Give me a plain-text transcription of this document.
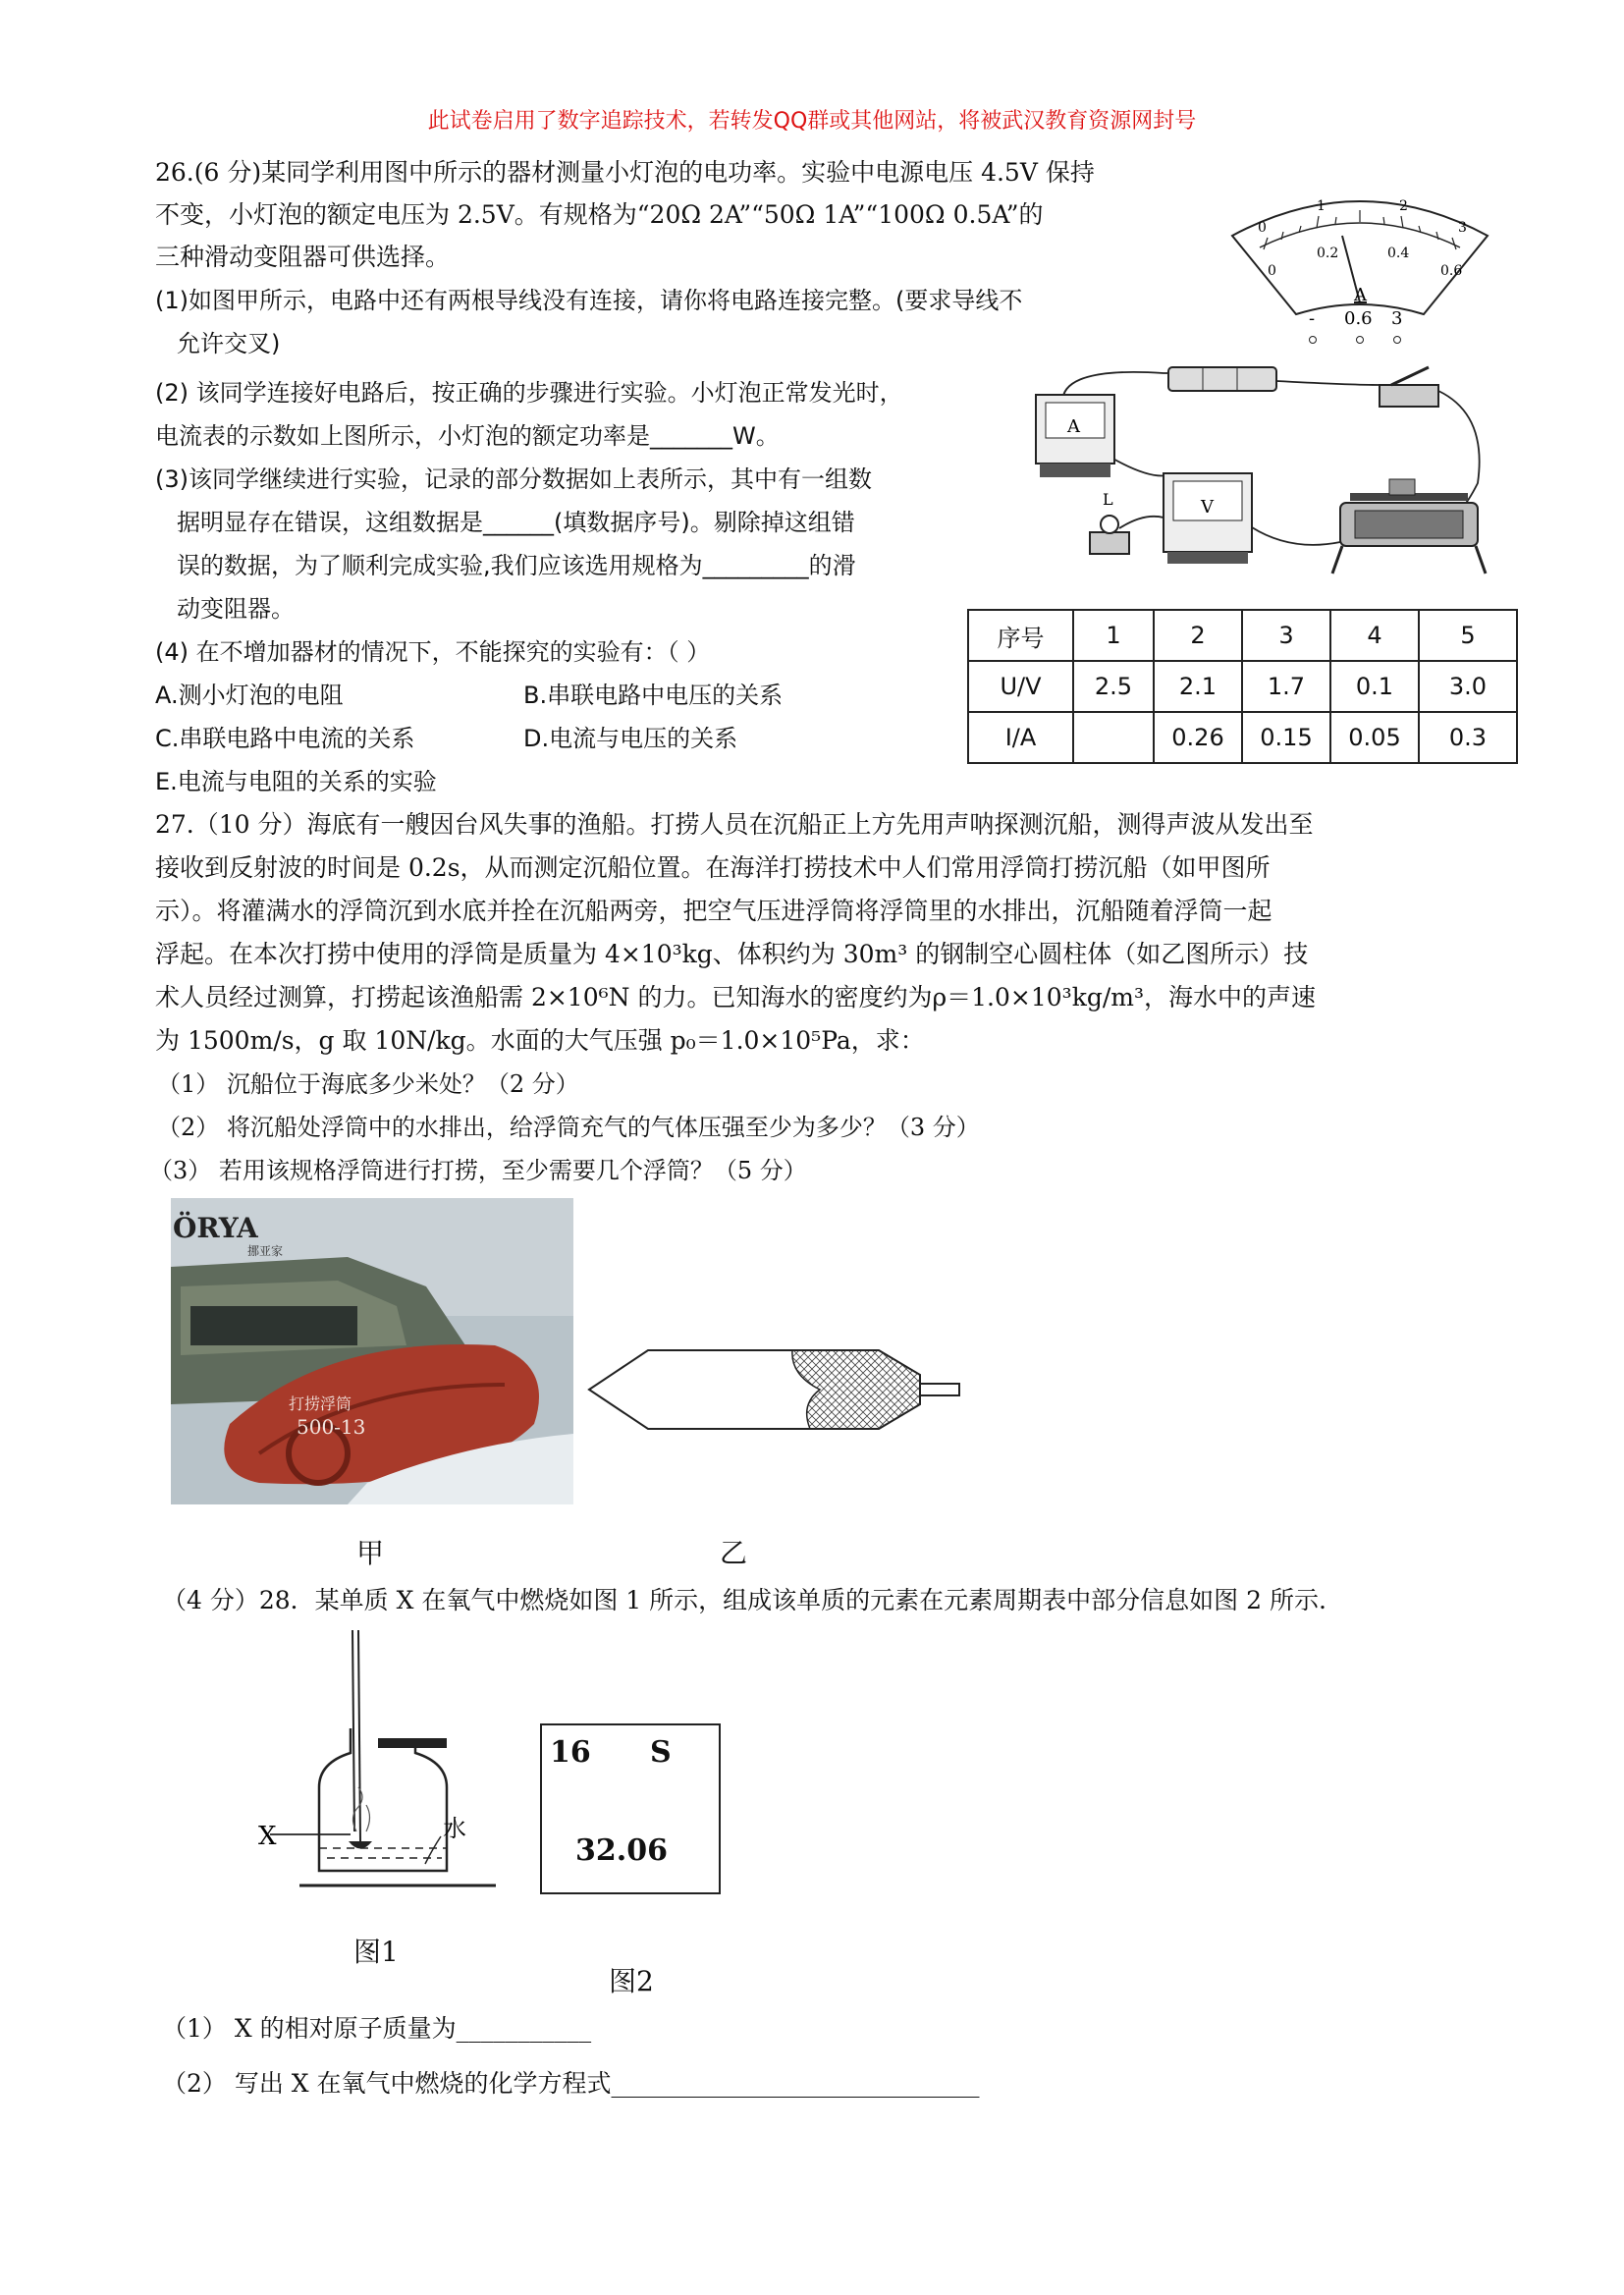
此试卷启用了数字追踪技术，若转发QQ群或其他网站，将被武汉教育资源网封号
26.(6 分)某同学利用图中所示的器材测量小灯泡的电功率。实验中电源电压 4.5V 保持
不变，小灯泡的额定电压为 2.5V。有规格为“20Ω 2A”“50Ω 1A”“100Ω 0.5A”的
三种滑动变阻器可供选择。
(1)如图甲所示，电路中还有两根导线没有连接，请你将电路连接完整。(要求导线不
允许交叉)
(2) 该同学连接好电路后，按正确的步骤进行实验。小灯泡正常发光时，
电流表的示数如上图所示，小灯泡的额定功率是_______W。
(3)该同学继续进行实验，记录的部分数据如上表所示，其中有一组数
据明显存在错误，这组数据是______(填数据序号)。剔除掉这组错
误的数据，为了顺利完成实验,我们应该选用规格为_________的滑
动变阻器。
(4) 在不增加器材的情况下，不能探究的实验有：（ ）
A.测小灯泡的电阻	B.串联电路中电压的关系
C.串联电路中电流的关系	D.电流与电压的关系
E.电流与电阻的关系的实验
0
1	2
3
0
0.2	0.4
0.6
A
- 0.6 3
A
L	V
序号	1	2	3	4	5
U/V	2.5	2.1	1.7	0.1	3.0
I/A		0.26	0.15	0.05	0.3
27.（10 分）海底有一艘因台风失事的渔船。打捞人员在沉船正上方先用声呐探测沉船，测得声波从发出至
接收到反射波的时间是 0.2s，从而测定沉船位置。在海洋打捞技术中人们常用浮筒打捞沉船（如甲图所
示）。将灌满水的浮筒沉到水底并拴在沉船两旁，把空气压进浮筒将浮筒里的水排出，沉船随着浮筒一起
浮起。在本次打捞中使用的浮筒是质量为 4×10³kg、体积约为 30m³ 的钢制空心圆柱体（如乙图所示）技
术人员经过测算，打捞起该渔船需 2×10⁶N 的力。已知海水的密度约为ρ＝1.0×10³kg/m³，海水中的声速
为 1500m/s，g 取 10N/kg。水面的大气压强 p₀＝1.0×10⁵Pa，求：
（1） 沉船位于海底多少米处？（2 分）
（2） 将沉船处浮筒中的水排出，给浮筒充气的气体压强至少为多少？（3 分）
（3） 若用该规格浮筒进行打捞，至少需要几个浮筒？（5 分）
ÖRYA
挪亚家
打捞浮筒
500-13
甲	乙
（4 分）28．某单质 X 在氧气中燃烧如图 1 所示，组成该单质的元素在元素周期表中部分信息如图 2 所示.
X	水
图1
16 S
32.06
图2
（1） X 的相对原子质量为___________
（2） 写出 X 在氧气中燃烧的化学方程式______________________________
